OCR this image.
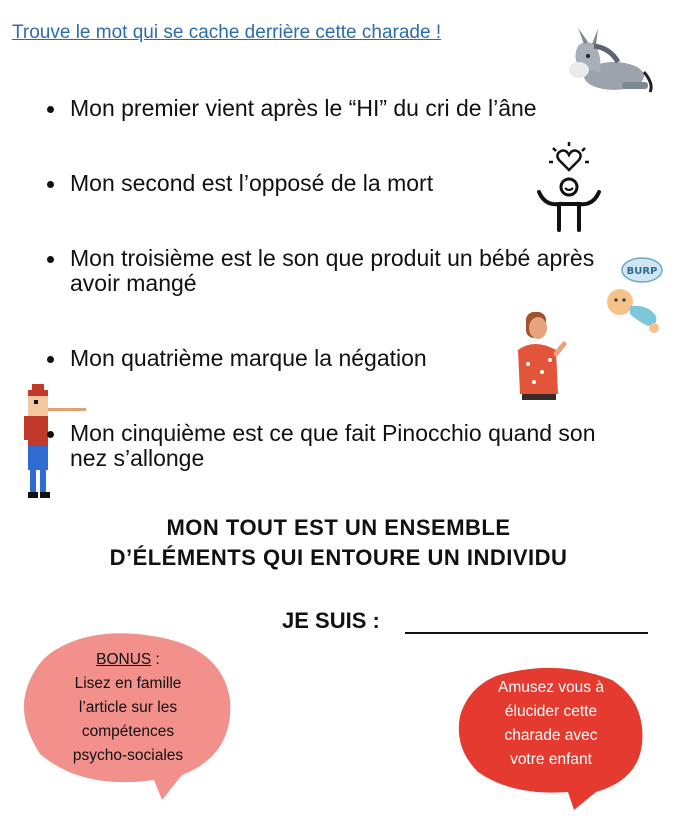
Trouve le mot qui se cache derrière cette charade !
BURP
Mon premier vient après le “HI” du cri de l’âne
Mon second est l’opposé de la mort
Mon troisième est le son que produit un bébé après avoir mangé
Mon quatrième marque la négation
Mon cinquième est ce que fait Pinocchio quand son nez s’allonge
MON TOUT EST UN ENSEMBLE
D’ÉLÉMENTS QUI ENTOURE UN INDIVIDU
JE SUIS :
BONUS :
Lisez en famille
l’article sur les
compétences
psycho-sociales
Amusez vous à
élucider cette
charade avec
votre enfant
